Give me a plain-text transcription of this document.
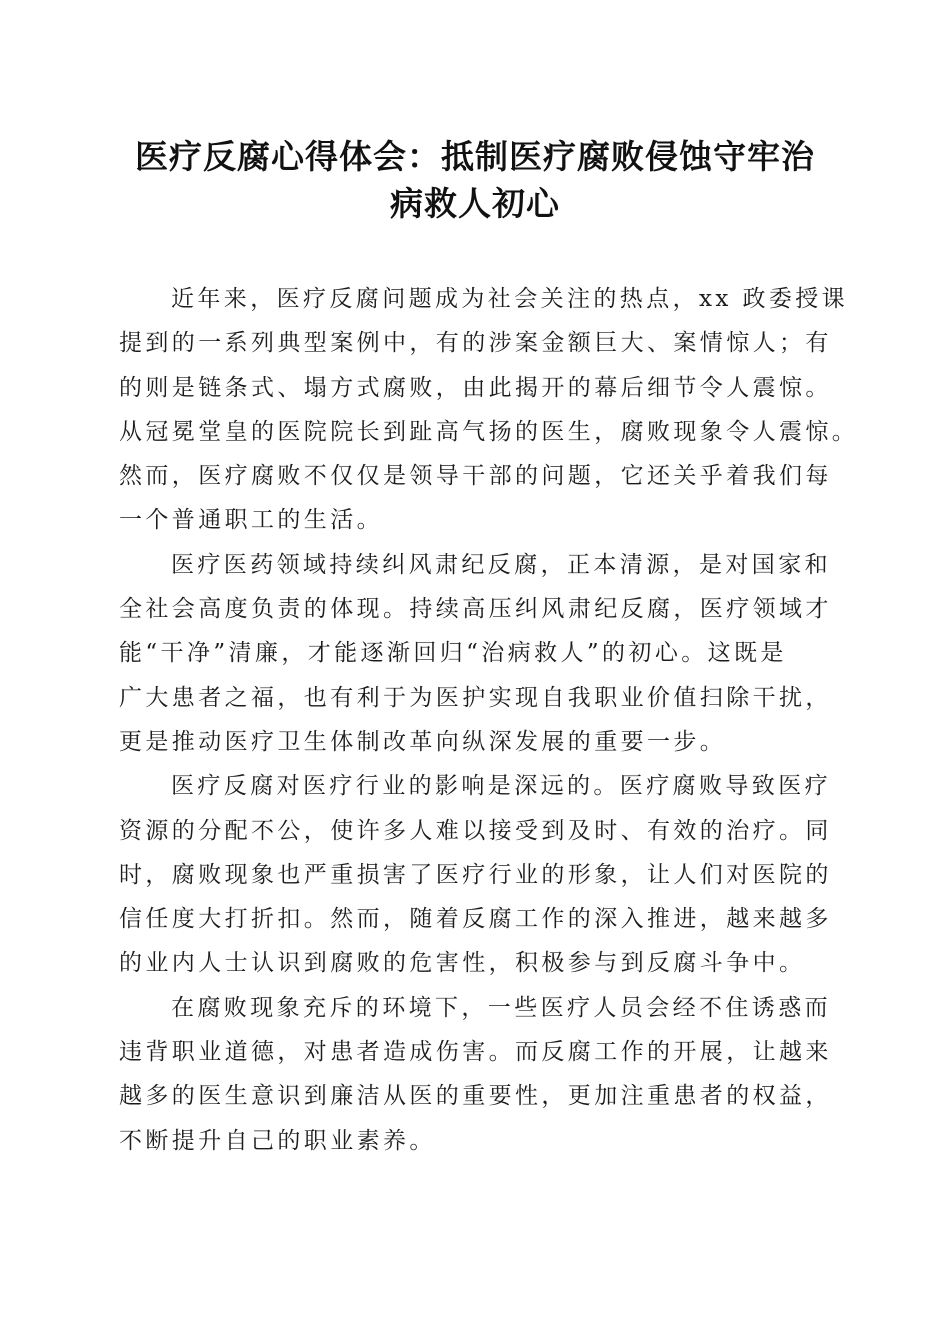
医疗反腐心得体会：抵制医疗腐败侵蚀守牢治
病救人初心
近年来，医疗反腐问题成为社会关注的热点，xx 政委授课
提到的一系列典型案例中，有的涉案金额巨大、案情惊人；有
的则是链条式、塌方式腐败，由此揭开的幕后细节令人震惊。
从冠冕堂皇的医院院长到趾高气扬的医生，腐败现象令人震惊。
然而，医疗腐败不仅仅是领导干部的问题，它还关乎着我们每
一个普通职工的生活。
医疗医药领域持续纠风肃纪反腐，正本清源，是对国家和
全社会高度负责的体现。持续高压纠风肃纪反腐，医疗领域才
能“干净”清廉，才能逐渐回归“治病救人”的初心。这既是
广大患者之福，也有利于为医护实现自我职业价值扫除干扰，
更是推动医疗卫生体制改革向纵深发展的重要一步。
医疗反腐对医疗行业的影响是深远的。医疗腐败导致医疗
资源的分配不公，使许多人难以接受到及时、有效的治疗。同
时，腐败现象也严重损害了医疗行业的形象，让人们对医院的
信任度大打折扣。然而，随着反腐工作的深入推进，越来越多
的业内人士认识到腐败的危害性，积极参与到反腐斗争中。
在腐败现象充斥的环境下，一些医疗人员会经不住诱惑而
违背职业道德，对患者造成伤害。而反腐工作的开展，让越来
越多的医生意识到廉洁从医的重要性，更加注重患者的权益，
不断提升自己的职业素养。
